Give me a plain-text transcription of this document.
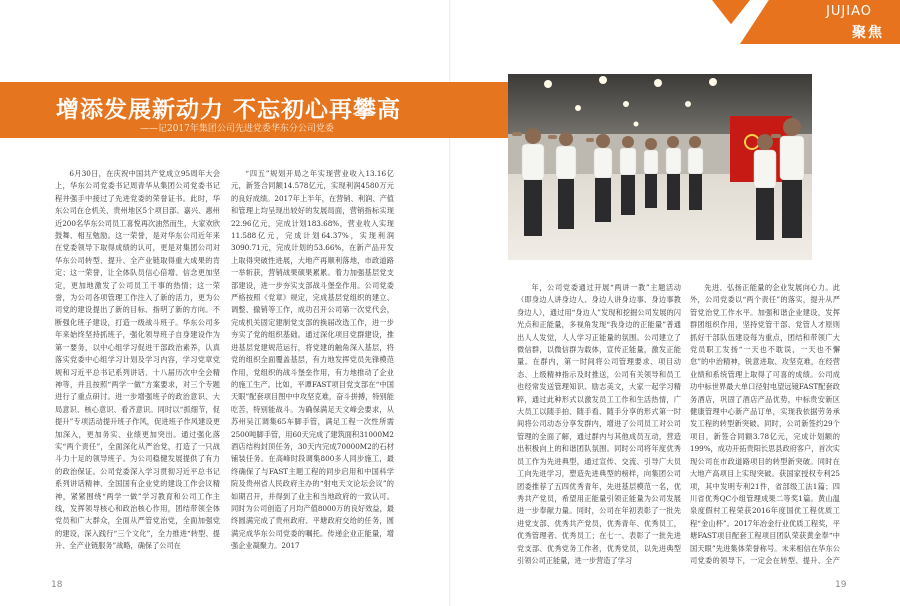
JUJIAO
聚焦
增添发展新动力 不忘初心再攀高
——记2017年集团公司先进党委华东分公司党委

6月30日，在庆祝中国共产党成立95周年大会上，华东公司党委书记周青华从集团公司党委书记程井强手中接过了先进党委的荣誉证书。此时，华东公司在仓机关、贵州地区5个项目部、嘉兴、惠州近200名华东公司员工喜悦再次油然而生，大家欢欣鼓舞、相互勉励。这一荣誉，是对华东公司近年来在党委领导下取得成绩的认可，更是对集团公司对华东公司转型、提升、全产业链取得重大成果的肯定；这一荣誉，让全体队员信心倍增、信念更加坚定，更加地激发了公司员工干事的热情；这一荣誉，为公司各项管理工作注入了新的活力，更为公司党的建设提出了新的目标、指明了新的方向。不断强化班子建设，打造一级战斗班子。华东公司多年来始终坚持抓班子，强化领导班子自身建设作为第一要务，以中心组学习促进干部政治素养，认真落实党委中心组学习计划及学习内容，学习党章党规和习近平总书记系列讲话、十八届历次中全会精神等，并且按照“两学一做”方案要求，对三个专题进行了重点研讨。进一步增强班子的政治意识、大局意识、核心意识、看齐意识。同时以“抓细节，促提升”专项活动提升班子作风，促进班子作风建设更加深入，更加务实、业绩更加突出。通过强化落实“两个责任”，全面深化从严治党，打造了一只战斗力十足的领导班子。为公司稳健发展提供了有力的政治保证。公司党委深入学习贯彻习近平总书记系列讲话精神、全国国有企业党的建设工作会议精神，紧紧围绕“两学一做”学习教育和公司工作主线，发挥领导核心和政治核心作用，团结带领全体党员和广大群众，全面从严管党治党，全面加强党的建设，深入践行“三个文化”，全力推进“转型、提升、全产业链服务”战略，确保了公司在

“四五”规划开局之年实现营业收入13.16亿元，新签合同额14.578亿元，实现利润4580万元的良好成绩。2017年上半年，在营销、利润、产值和管理上均呈现出较好的发展局面，营销指标实现22.96亿元，完成计划183.68%，营业收入实现11.588亿元，完成计划64.37%，实现利润3090.71元，完成计划的53.66%，在新产品开发上取得突破性进展，大地产再顺利落地，市政道路一举斩获，营销战果硕果累累。着力加强基层党支部建设，进一步夯实支部战斗堡垒作用。公司党委严格按照《党章》规定，完成基层党组织的建立、调整、撤销等工作，成功召开公司第一次党代会，完成机关固定建制党支部的换届改选工作，进一步夯实了党的组织基础。通过深化项目党群建设，推进基层党建规范运行，将党建的触角深入基层，将党的组织全面覆盖基层，有力地发挥党员先锋模范作用，党组织的战斗堡垒作用，有力地推动了企业的施工生产。比如，平谭FAST项目党支部在“中国天眼”配套项目图中中攻坚克难，奋斗拼搏，特别能吃苦，特别能战斗。为确保满足天文峰会要求，从苏州吴江调集65车脚手管，满足工程一次性所需2500吨脚手管，用60天完成了建筑面积31000M2酒店结构封顶任务，30天内完成70000M2的石材铺装任务。在高峰时段调集800多人同步施工，最终确保了与FAST主题工程的同步启用和中国科学院及贵州省人民政府主办的“射电天文论坛会议”的如期召开，并得到了业主和当地政府的一致认可。同时为公司创造了月均产值8000万的良好效益，最终圆满完成了贵州政府、平塘政府交给的任务，圆满完成华东公司党委的嘱托。传递企业正能量，增强企业凝聚力。2017

年，公司党委通过开展“两讲一教”主题活动（即身边人讲身边人、身边人讲身边事、身边事教身边人），通过用“身边人”发现和挖掘公司发展的闪光点和正能量，多视角发现“我身边的正能量”普通出人人发觉，人人学习正能量的氛围。公司建立了微信群，以微信群为载体，宣传正能量，激发正能量。在群内，第一时间将公司管理要求、项目动态、上级精神指示及时推送，公司有关领导和员工也经常发送管理知识、励志美文，大家一起学习精粹，通过此种形式以激发员工工作和生活热情，广大员工以随手拍、随手看、随手分享的形式第一时间将公司动态分享发群内，增进了公司员工对公司管理的全面了解，通过群内与其他成员互动，营造出积极向上的和谐团队氛围。同时公司将年度优秀员工作为先进典型，通过宣传、交流、引导广大员工向先进学习，塑造先进典型的榜样，向集团公司团委推荐了五四优秀青年，先进基层模范一名，优秀共产党员，希望用正能量引领正能量为公司发展进一步奉献力量。同时，公司在年初表彰了一批先进党支部、优秀共产党员，优秀青年、优秀员工，优秀管理者、优秀员工；在七一、表彰了一批先进党支部、优秀党务工作者，优秀党员，以先进典型引领公司正能量，进一步营造了学习

先进、弘扬正能量的企业发展向心力。此外，公司党委以“两个责任”的落实，提升从严管党治党工作水平。加强和谐企业建设，发挥群团组织作用，坚持党管干部、党管人才原则抓好干部队伍建设每为重点，团结和带领广大党员职工发扬“一天也不耽误，一天也不懈怠”的中治精神，锐意进取、攻坚克难，在经营业绩和系统管理上取得了可喜的成绩。公司成功中标世界最大单口径射电望远镜FAST配套政务酒店，巩固了酒店产品优势，中标贵安新区健康管理中心新产品订单，实现我依据劳务承发工程的转型新突破。同时，公司新签约29个项目，新签合同额3.78亿元，完成计划额的199%，成功开拓贵阳长思县政府客户，首次实现公司在市政道路项目的转型新突破。同时在大地产高项目上实现突破。获国家授权专利25项，其中发明专利21件，省部级工法1篇；四川省优秀QC小组管理成果二等奖1篇。黄山温泉度假村工程荣获2016年度国优工程优质工程“金山杯”。2017年冶金行业优质工程奖，平塘FAST项目配套工程项目团队荣获黄金奉“中国天眼”先进集体荣誉称号。未来相信在华东公司党委的领导下，一定会在转型、提升、全产

18	19
